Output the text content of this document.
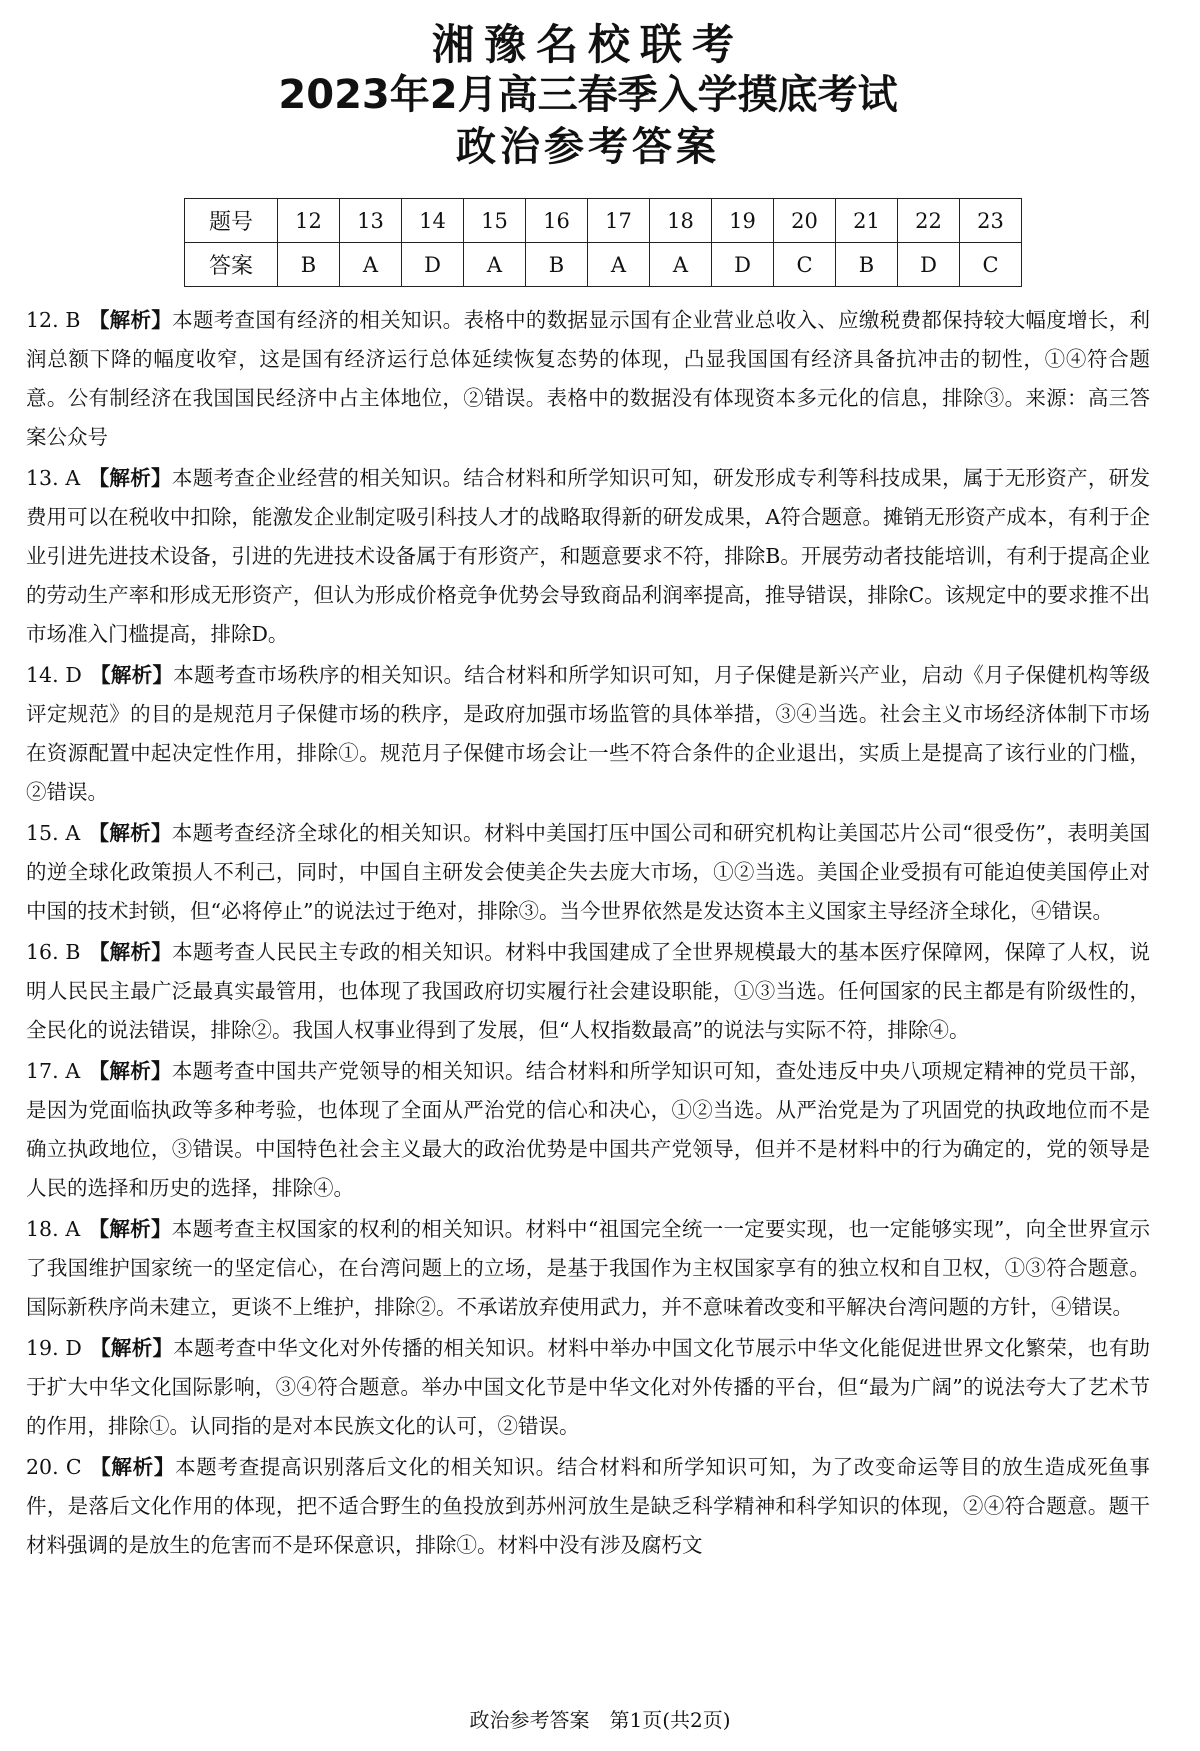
湘豫名校联考
2023年2月高三春季入学摸底考试
政治参考答案
题号	12	13	14	15	16	17	18	19	20	21	22	23
答案	B	A	D	A	B	A	A	D	C	B	D	C

12. B 【解析】本题考查国有经济的相关知识。表格中的数据显示国有企业营业总收入、应缴税费都保持较大幅度增长，利润总额下降的幅度收窄，这是国有经济运行总体延续恢复态势的体现，凸显我国国有经济具备抗冲击的韧性，①④符合题意。公有制经济在我国国民经济中占主体地位，②错误。表格中的数据没有体现资本多元化的信息，排除③。来源：高三答案公众号

13. A 【解析】本题考查企业经营的相关知识。结合材料和所学知识可知，研发形成专利等科技成果，属于无形资产，研发费用可以在税收中扣除，能激发企业制定吸引科技人才的战略取得新的研发成果，A符合题意。摊销无形资产成本，有利于企业引进先进技术设备，引进的先进技术设备属于有形资产，和题意要求不符，排除B。开展劳动者技能培训，有利于提高企业的劳动生产率和形成无形资产，但认为形成价格竞争优势会导致商品利润率提高，推导错误，排除C。该规定中的要求推不出市场准入门槛提高，排除D。

14. D 【解析】本题考查市场秩序的相关知识。结合材料和所学知识可知，月子保健是新兴产业，启动《月子保健机构等级评定规范》的目的是规范月子保健市场的秩序，是政府加强市场监管的具体举措，③④当选。社会主义市场经济体制下市场在资源配置中起决定性作用，排除①。规范月子保健市场会让一些不符合条件的企业退出，实质上是提高了该行业的门槛，②错误。

15. A 【解析】本题考查经济全球化的相关知识。材料中美国打压中国公司和研究机构让美国芯片公司“很受伤”，表明美国的逆全球化政策损人不利己，同时，中国自主研发会使美企失去庞大市场，①②当选。美国企业受损有可能迫使美国停止对中国的技术封锁，但“必将停止”的说法过于绝对，排除③。当今世界依然是发达资本主义国家主导经济全球化，④错误。

16. B 【解析】本题考查人民民主专政的相关知识。材料中我国建成了全世界规模最大的基本医疗保障网，保障了人权，说明人民民主最广泛最真实最管用，也体现了我国政府切实履行社会建设职能，①③当选。任何国家的民主都是有阶级性的，全民化的说法错误，排除②。我国人权事业得到了发展，但“人权指数最高”的说法与实际不符，排除④。

17. A 【解析】本题考查中国共产党领导的相关知识。结合材料和所学知识可知，查处违反中央八项规定精神的党员干部，是因为党面临执政等多种考验，也体现了全面从严治党的信心和决心，①②当选。从严治党是为了巩固党的执政地位而不是确立执政地位，③错误。中国特色社会主义最大的政治优势是中国共产党领导，但并不是材料中的行为确定的，党的领导是人民的选择和历史的选择，排除④。

18. A 【解析】本题考查主权国家的权利的相关知识。材料中“祖国完全统一一定要实现，也一定能够实现”，向全世界宣示了我国维护国家统一的坚定信心，在台湾问题上的立场，是基于我国作为主权国家享有的独立权和自卫权，①③符合题意。国际新秩序尚未建立，更谈不上维护，排除②。不承诺放弃使用武力，并不意味着改变和平解决台湾问题的方针，④错误。

19. D 【解析】本题考查中华文化对外传播的相关知识。材料中举办中国文化节展示中华文化能促进世界文化繁荣，也有助于扩大中华文化国际影响，③④符合题意。举办中国文化节是中华文化对外传播的平台，但“最为广阔”的说法夸大了艺术节的作用，排除①。认同指的是对本民族文化的认可，②错误。

20. C 【解析】本题考查提高识别落后文化的相关知识。结合材料和所学知识可知，为了改变命运等目的放生造成死鱼事件，是落后文化作用的体现，把不适合野生的鱼投放到苏州河放生是缺乏科学精神和科学知识的体现，②④符合题意。题干材料强调的是放生的危害而不是环保意识，排除①。材料中没有涉及腐朽文

政治参考答案　第1页(共2页)
